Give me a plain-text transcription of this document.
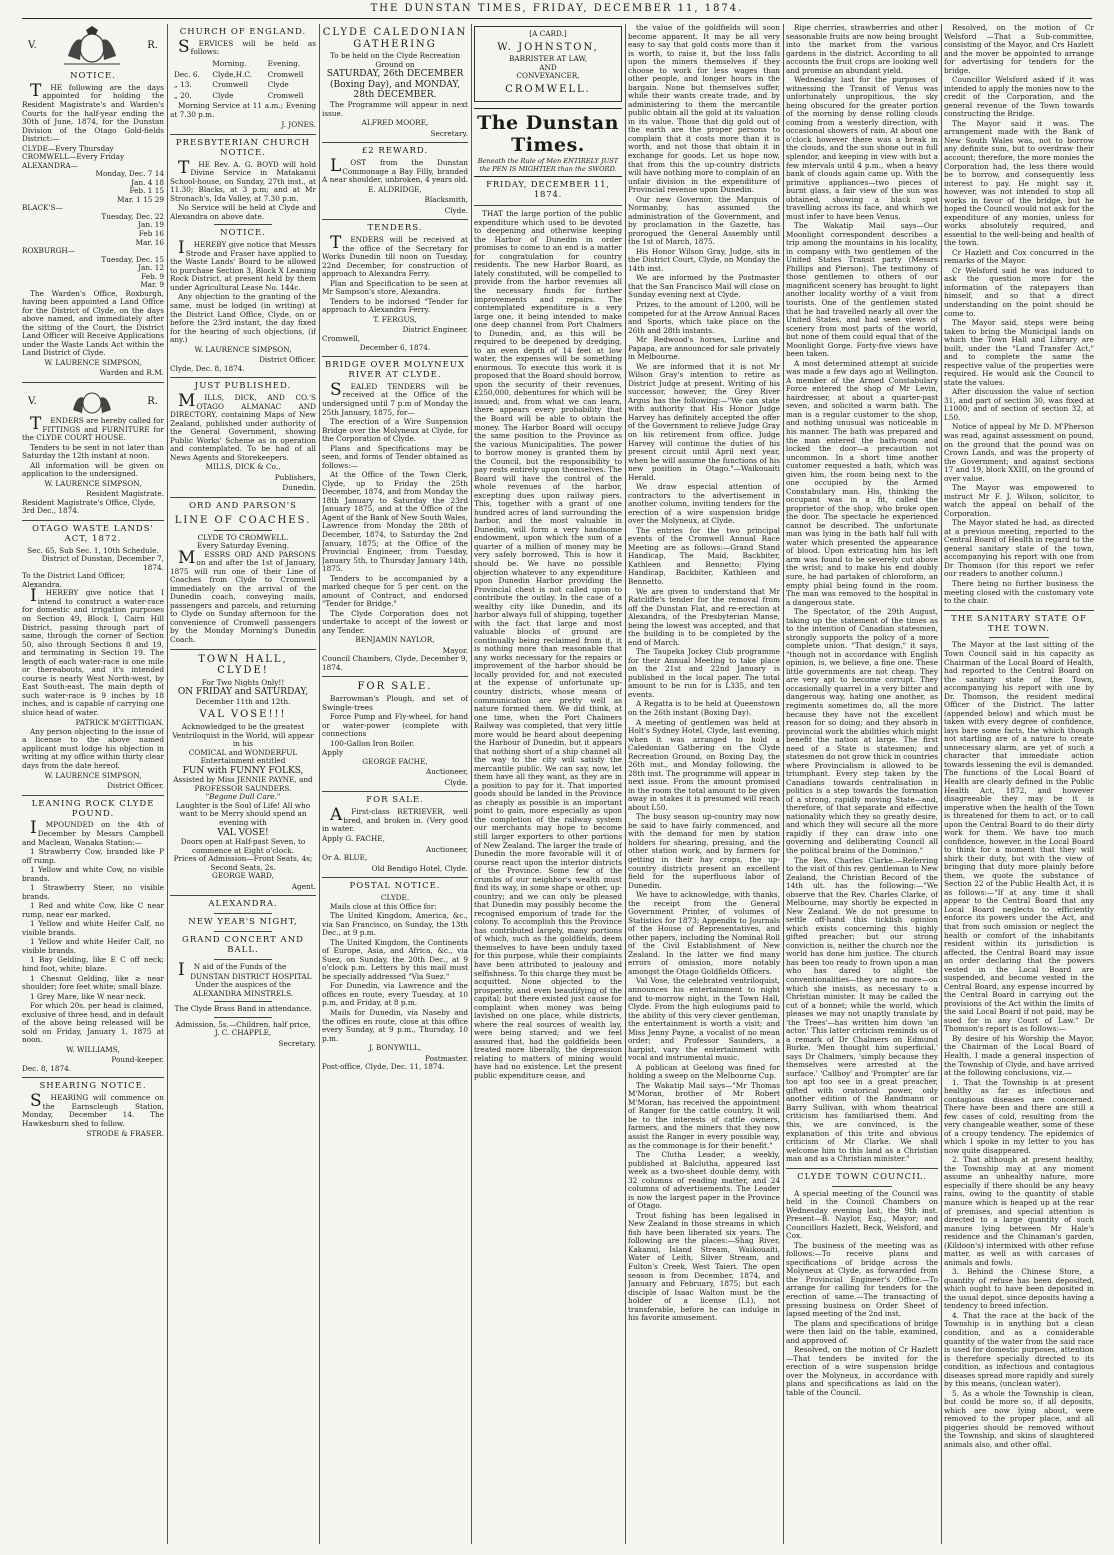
THE DUNSTAN TIMES, FRIDAY, DECEMBER 11, 1874.
V.	R.
NOTICE.

THE following are the days appointed for holding the Resident Magistrate's and Warden's Courts for the half-year ending the 30th of June, 1874, for the Dunstan Division of the Otago Gold-fields District:—

CLYDE—Every Thursday
CROMWELL—Every Friday
ALEXANDRA—
Monday, Dec. 7 14
Jan. 4 18
Feb. 1 15
Mar. 1 15 29
BLACK'S—
Tuesday, Dec. 22
Jan. 19
Feb 16
Mar. 16
ROXBURGH—
Tuesday, Dec. 15
Jan. 12
Feb. 9
Mar. 9

The Warden's Office, Roxburgh, having been appointed a Land Office for the District of Clyde, on the days above named, and immediately after the sitting of the Court, the District Land Officer will Receive Applications under the Waste Lands Act within the Land District of Clyde.

W. LAURENCE SIMPSON,
Warden and R.M.
V.	R.

TENDERS are hereby called for FITTINGS and FURNITURE for the CLYDE COURT HOUSE.

Tenders to be sent in not later than Saturday the 12th instant at noon.

All information will be given on application to the undersigned.

W. LAURENCE SIMPSON,
Resident Magistrate.
Resident Magistrate's Office, Clyde, 3rd Dec., 1874.
OTAGO WASTE LANDS' ACT, 1872.
Sec. 65, Sub Sec. 1, 10th Schedule.
District of Dunstan, December 7, 1874.
To the District Land Officer, Alexandra.

IHEREBY give notice that I intend to construct a water-race for domestic and irrigation purposes on Section 49, Block I, Cairn Hill District, passing through part of same, through the corner of Section 50, also through Sections 8 and 19, and terminating in Section 19. The length of each water-race is one mile or thereabouts, and it's intended course is nearly West North-west, by East South-east. The main depth of such water-race is 9 inches by 18 inches, and is capable of carrying one sluice head of water.

PATRICK M'GETTIGAN.

Any person objecting to the issue of a license to the above named applicant must lodge his objection in writing at my office within thirty clear days from the date hereof.

W. LAURENCE SIMPSON,
District Officer.
LEANING ROCK CLYDE POUND.

IMPOUNDED on the 4th of December by Messrs Campbell and Maclean, Wanaka Station:—

1 Strawberry Cow, branded like P off rump.

1 Yellow and white Cow, no visible brands.

1 Strawberry Steer, no visible brands.

1 Red and white Cow, like C near rump, near ear marked.

1 Yellow and white Heifer Calf, no visible brands.

1 Yellow and white Heifer Calf, no visible brands.

1 Bay Gelding, like E C off neck; hind foot, white; blaze.

1 Chesnut Gelding, like ≥ near shoulder; fore feet white; small blaze.

1 Grey Mare, like W near neck.

For which 20s. per head is claimed, exclusive of three head, and in default of the above being released will be sold on Friday, January 1, 1875 at noon.

W. WILLIAMS,
Pound-keeper.
Dec. 8, 1874.
SHEARING NOTICE.

SHEARING will commence on the Earnscleugh Station, Monday, December 14. The Hawkesburn shed to follow.

STRODE & FRASER.
CHURCH OF ENGLAND.

SERVICES will be held as follows:

	Morning.	Evening.
Dec. 6.	Clyde,H.C.	Cromwell
„ 13.	Cromwell	Clyde
„ 20.	Clyde	Cromwell

Morning Service at 11 a.m.; Evening at 7.30 p.m.

J. JONES.
PRESBYTERIAN CHURCH NOTICE.

THE Rev. A. G. BOYD will hold Divine Service in Matakanui School-house, on Sunday, 27th inst., at 11.30; Blacks, at 3 p.m; and at Mr Stronach's, Ida Valley, at 7.30 p.m.

No Service will be held at Clyde and Alexandra on above date.

NOTICE.

IHEREBY give notice that Messrs Strode and Fraser have applied to the Waste Lands' Board to be allowed to purchase Section 3, Block X Leaning Rock District, at present held by them under Agricultural Lease No. 144c.

Any objection to the granting of the same, must be lodged (in writing) at the District Land Office, Clyde, on or before the 23rd instant, the day fixed for the hearing of such objections, (if any.)

W. LAURENCE SIMPSON,
District Officer.
Clyde, Dec. 8, 1874.
JUST PUBLISHED.

MILLS, DICK, AND CO.'S OTAGO ALMANAC AND DIRECTORY, containing Maps of New Zealand, published under authority of the General Government, showing Public Works' Scheme as in operation and contemplated. To be had of all News Agents and Storekeepers.

MILLS, DICK & Co.,
Publishers,
Dunedin.
ORD AND PARSON'S
LINE OF COACHES.
CLYDE TO CROMWELL.
Every Saturday Evening.

MESSRS ORD AND PARSONS on and after the 1st of January, 1875 will run one of their Line of Coaches from Clyde to Cromwell immediately on the arrival of the Dunedin coach, conveying mails, passengers and parcels, and returning to Clyde on Sunday afternoon for the convenience of Cromwell passengers by the Monday Morning's Dunedin Coach.

TOWN HALL, CLYDE!
For Two Nights Only!!
ON FRIDAY and SATURDAY,
December 11th and 12th.
VAL VOSE!!!
Acknowledged to be the greatest Ventriloquist in the World, will appear in his
COMICAL and WONDERFUL Entertainment entitled
FUN with FUNNY FOLKS,
Assisted by Miss JENNIE PAYNE, and PROFESSOR SAUNDERS.
"Begone Dull Care."
Laughter is the Soul of Life! All who want to be Merry should spend an evening with
VAL VOSE!
Doors open at Half-past Seven, to commence at Eight o'clock.
Prices of Admission—Front Seats, 4s; Second Seats, 2s.
GEORGE WARD,
Agent.
ALEXANDRA.
NEW YEAR'S NIGHT,
GRAND CONCERT AND BALL.

IN aid of the Funds of the

DUNSTAN DISTRICT HOSPITAL
Under the auspices of the
ALEXANDRA MINSTRELS.
The Clyde Brass Band in attendance.
Admission, 5s.—Children, half price,
J. C. CHAPPLE,
Secretary.
CLYDE CALEDONIAN GATHERING
To be held on the Clyde Recreation Ground on
SATURDAY, 26th DECEMBER (Boxing Day), and MONDAY, 28th DECEMBER.

The Programme will appear in next issue.

ALFRED MOORE,
Secretary.
£2 REWARD.

LOST from the Dunstan Commonage a Bay Filly, branded A near shoulder, unbroken, 4 years old.

E. ALDRIDGE,
Blacksmith,
Clyde.
TENDERS.

TENDERS will be received at the office of the Secretary for Works Dunedin till noon on Tuesday, 22nd December, for construction of approach to Alexandra Ferry.

Plan and Specification to be seen at Mr Sampson's store, Alexandra.

Tenders to be indorsed "Tender for approach to Alexandra Ferry.

T. FERGUS,
District Engineer.
Cromwell,
December 6, 1874.
BRIDGE OVER MOLYNEUX RIVER AT CLYDE.

SEALED TENDERS will be received at the Office of the undersigned until 7 p.m of Monday the 25th January, 1875, for—

The erection of a Wire Suspension Bridge over the Molyneux at Clyde, for the Corporation of Clyde.

Plans and Specifications may be seen, and forms of Tender obtained as follows:—

At the Office of the Town Clerk, Clyde, up to Friday the 25th December, 1874, and from Monday the 18th January to Saturday the 23rd January 1875, and at the Office of the Agent of the Bank of New South Wales, Lawrence from Monday the 28th of December, 1874, to Saturday the 2nd January, 1875; at the Office of the Provincial Engineer, from Tuesday, January 5th, to Thursday January 14th, 1875.

Tenders to be accompanied by a marked cheque for 5 per cent. on the amount of Contract, and endorsed "Tender for Bridge."

The Clyde Corporation does not undertake to accept of the lowest or any Tender.

BENJAMIN NAYLOR,
Mayor.
Council Chambers, Clyde, December 9, 1874.
FOR SALE.

Barrowman's Plough, and set of Swingle-trees

Force Pump and Fly-wheel, for hand or water-power (complete with connections

100-Gallon Iron Boiler.

Apply
GEORGE FACHE,
Auctioneer,
Clyde.
FOR SALE.

AFirst-class RETRIEVER, well bred, and broken in. (Very good in water.

Apply G. FACHE,
Auctioneer,
Or A. BLUE,
Old Bendigo Hotel, Clyde.
POSTAL NOTICE.
CLYDE.

Mails close at this Office for:

The United Kingdom, America, &c., via San Francisco, on Sunday, the 13th Dec., at 9 p.m.

The United Kingdom, the Continents of Europe, Asia, and Africa, &c., via Suez, on Sunday, the 20th Dec., at 9 o'clock p.m. Letters by this mail must be specially addressed "Via Suez."

For Dunedin, via Lawrence and the offices en route, every Tuesday, at 10 p.m, and Friday, at 8 p.m.

Mails for Dunedin, via Naseby and the offices en route, close at this office every Sunday, at 9 p.m., Thursday, 10 p.m.

J. BONYWILL,
Postmaster.
Post-office, Clyde, Dec. 11, 1874.
[A CARD.]
W. JOHNSTON,
BARRISTER AT LAW,
AND
CONVEYANCER,
CROMWELL.
The Dunstan Times.
Beneath the Rule of Men ENTIRELY JUST the PEN IS MIGHTIER than the SWORD.
FRIDAY, DECEMBER 11, 1874.

THAT the large portion of the public expenditure which used to be devoted to deepening and otherwise keeping the Harbor of Dunedin in order promises to come to an end is a matter for congratulation for country residents. The new Harbor Board, as lately constituted, will be compelled to provide from the harbor revenues all the necessary funds for further improvements and repairs. The contemplated expenditure is a very large one, it being intended to make one deep channel from Port Chalmers to Dunedin, and, as this will be required to be deepened by dredging, to an even depth of 14 feet at low water, the expenses will be something enormous. To execute this work it is proposed that the Board should borrow, upon the security of their revenues, £250,000, debentures for which will be issued; and, from what we can learn, there appears every probability that the Board will be able to obtain the money. The Harbor Board will occupy the same position to the Province as the various Municipalities. The power to borrow money is granted them by the Council, but the responsibility to pay rests entirely upon themselves. The Board will have the control of the whole revenues of the harbor, excepting dues upon railway piers. This, together with a grant of one hundred acres of land surrounding the harbor, and the most valuable in Dunedin, will form a very handsome endowment, upon which the sum of a quarter of a million of money may be very safely borrowed. This is how it should be. We have no possible objection whatever to any expenditure upon Dunedin Harbor providing the Provincial chest is not called upon to contribute the outlay. In the case of a wealthy city like Dunedin, and its harbor always full of shipping, together with the fact that large and most valuable blocks of ground are continually being reclaimed from it, it is nothing more than reasonable that any works necessary for the repairs or improvement of the harbor should be locally provided for, and not executed at the expense of unfortunate up-country districts, whose means of communication are pretty well as nature formed them. We did think, at one time, when the Port Chalmers Railway was completed, that very little more would be heard about deepening the Harbour of Dunedin, but it appears that nothing short of a ship channel all the way to the city will satisfy the mercantile public. We can say, now, let them have all they want, as they are in a position to pay for it. That imported goods should be landed in the Province as cheaply as possible is an important point to gain, more especially as upon the completion of the railway system our merchants may hope to become still larger exporters to other portions of New Zealand. The larger the trade of Dunedin the more favorable will it of course react upon the interior districts of the Province. Some few of the crumbs of our neighbor's wealth must find its way, in some shape or other, up-country; and we can only be pleased that Dunedin may possibly become the recognised emporium of trade for the colony. To accomplish this the Province has contributed largely, many portions of which, such as the goldfields, deem themselves to have been unduly taxed for this purpose, while their complaints have been attributed to jealousy and selfishness. To this charge they must be acquitted. None objected to the prosperity, and even beautifying of the capital; but there existed just cause for complaint when money was being lavished on one place, while districts, where the real sources of wealth lay, were being starved; and we feel assured that, had the goldfields been treated more liberally, the depression relating to matters of mining would have had no existence. Let the present public expenditure cease, and

the value of the goldfields will soon become apparent. It may be all very easy to say that gold costs more than it is worth, to raise it, but the loss falls upon the miners themselves if they choose to work for less wages than other people, and longer hours in the bargain. None but themselves suffer, while their wants create trade, and by administering to them the mercantile public obtain all the gold at its valuation in its value. Those that dig gold out of the earth are the proper persons to complain that it costs more than it is worth, and not those that obtain it in exchange for goods. Let us hope now, that from this the up-country districts will have nothing more to complain of an unfair division in the expenditure of Provincial revenue upon Dunedin.

Our new Governor, the Marquis of Normanby, has assumed the administration of the Government, and by proclamation in the Gazette, has prorogued the General Assembly until the 1st of March, 1875.

His Honor Wilson Gray, Judge, sits in the District Court, Clyde, on Monday the 14th inst.

We are informed by the Postmaster that the San Francisco Mail will close on Sunday evening next at Clyde.

Prizes, to the amount of L200, will be competed for at the Arrow Annual Races and Sports, which take place on the 26th and 28th instants.

Mr Redwood's horses, Lurline and Papapa, are announced for sale privately in Melbourne.

We are informed that it is not Mr Wilson Gray's intention to retire as District Judge at present. Writing of his successor, however, the Grey River Argus has the following:—"We can state with authority that His Honor Judge Harvey has definitely accepted the offer of the Government to relieve Judge Gray on his retirement from office. Judge Harvey will continue the duties of his present circuit until April next year, when he will assume the functions of his new position in Otago."—Waikouaiti Herald.

We draw especial attention of contractors to the advertisement in another column, inviting tenders for the erection of a wire suspension bridge over the Molyneux, at Clyde.

The entries for the two principal events of the Cromwell Annual Race Meeting are as follows:—Grand Stand Handicap, The Maid, Backbiter, Kathleen and Bennetto; Flying Handicap, Backbiter, Kathleen and Bennetto.

We are given to understand that Mr Ratcliffe's tender for the removal from off the Dunstan Flat, and re-erection at Alexandra, of the Presbyterian Manse, being the lowest was accepted, and that the building is to be completed by the end of March.

The Taupeka Jockey Club programme for their Annual Meeting to take place on the 21st and 22nd January is published in the local paper. The total amount to be run for is L335, and ten events.

A Regatta is to be held at Queenstown on the 26th instant (Boxing Day).

A meeting of gentlemen was held at Holt's Sydney Hotel, Clyde, last evening, when it was arranged to hold a Caledonian Gathering on the Clyde Recreation Ground, on Boxing Day, the 26th inst., and Monday following, the 28th inst. The programme will appear in next issue. From the amount promised in the room the total amount to be given away in stakes it is presumed will reach about L50.

The busy season up-country may now be said to have fairly commenced, and with the demand for men by station holders for shearing, pressing, and the other station work, and by farmers for getting in their hay crops, the up-country districts present an excellent field for the superfluous labor of Dunedin.

We have to acknowledge, with thanks, the receipt from the General Government Printer, of volumes of Statistics for 1873; Appendix to Journals of the House of Representatives, and other papers, including the Nominal Roll of the Civil Establishment of New Zealand. In the latter we find many errors of omission, more notably amongst the Otago Goldfields Officers.

Val Vose, the celebrated ventriloquist, announces his entertainment to night and to-morrow night, in the Town Hall, Clyde. From the high eulogiums paid to the ability of this very clever gentleman, the entertainment is worth a visit; and Miss Jenny Payne, a vocalist of no mean order; and Professor Saunders, a harpist, vary the entertainment with vocal and instrumental music.

A publican at Geelong was fined for holding a sweep on the Melbourne Cup.

The Wakatip Mail says—"Mr Thomas M'Moran, brother of Mr Robert M'Moran, has received the appointment of Ranger for the cattle country. It will be to the interests of cattle owners, farmers, and the miners that they now assist the Ranger in every possible way, as the commonage is for their benefit."

The Clutha Leader, a weekly, published at Balclutha, appeared last week as a two-sheet double demy, with 32 columns of reading matter, and 24 columns of advertisements. The Leader is now the largest paper in the Province of Otago.

Trout fishing has been legalised in New Zealand in those streams in which fish have been liberated six years. The following are the places:—Shag River, Kakanui, Island Stream, Waikouaiti, Water of Leith, Silver Stream, and Fulton's Creek, West Taieri. The open season is from December, 1874, and January and February, 1875; but each disciple of Isaac Walton must be the holder of a license (L1), not transferable, before he can indulge in his favorite amusement.

Ripe cherries, strawberries and other seasonable fruits are now being brought into the market from the various gardens in the district. According to all accounts the fruit crops are looking well and promise an abundant yield.

Wednesday last for the purposes of witnessing the Transit of Venus was unfortunately unpropitious, the sky being obscured for the greater portion of the morning by dense rolling clouds coming from a westerly direction, with occasional showers of rain. At about one o'clock however there was a break in the clouds, and the sun shone out in full splendor, and keeping in view with but a few intervals until 4 p.m., when a heavy bank of clouds again came up. With the primitive appliances—two pieces of burnt glass, a fair view of the sun was obtained, showing a black spot travelling across its face, and which we must infer to have been Venus.

The Wakatip Mail says—Our Moonlight correspondent describes a trip among the mountains in his locality, in company with two gentlemen of the United States Transit party (Messrs Phillips and Pierson). The testimony of those gentlemen to others of our magnificent scenery has brought to light another locality worthy of a visit from tourists. One of the gentlemen stated that he had travelled nearly all over the United States, and had seen views of scenery from most parts of the world, but none of them could equal that of the Moonlight Gorge. Forty-five views have been taken.

A most determined attempt at suicide was made a few days ago at Wellington. A member of the Armed Constabulary Force entered the shop of Mr Levin, hairdresser, at about a quarter-past seven, and solicited a warm bath. The man is a regular customer to the shop, and nothing unusual was noticeable in his manner. The bath was prepared and the man entered the bath-room and locked the door—a precaution not uncommon. In a short time another customer requested a bath, which was given him, the room being next to the one occupied by the Armed Constabulary man. His, thinking the occupant was in a fit, called the proprietor of the shop, who broke open the door. The spectacle he experienced cannot be described. The unfortunate man was lying in the bath half full with water which presented the appearance of blood. Upon extricating him his left arm was found to be severely cut above the wrist; and to make his end doubly sure, he had partaken of chloroform, an empty phial being found in the room. The man was removed to the hospital in a dangerous state.

The Spectator, of the 29th August, taking up the statement of the times as to the intention of Canadian statesmen, strongly supports the policy of a more complete union. "That design," it says, "though not in accordance with English opinion, is, we believe, a fine one. These little governments are not cheap. They are very apt to become corrupt. They occasionally quarrel in a very bitter and dangerous way, hating one another, as regiments sometimes do, all the more because they have not the excellent reason for so doing; and they absorb in provincial work the abilities which might benefit the nation at large. The first need of a State is statesmen; and statesmen do not grow thick in countries where Provincialism is allowed to be triumphant. Every step taken by the Canadians towards centralisation in politics is a step towards the formation of a strong, rapidly moving State—and, therefore, of that separate and effective nationality which they so greatly desire, and which they will secure all the more rapidly if they can draw into one governing and deliberating Council all the political brains of the Dominion."

The Rev. Charles Clarke.—Referring to the visit of this rev. gentleman to New Zealand, the Christian Record of the 14th ult. has the following:—"We observe that the Rev. Charles Clarke, of Melbourne, may shortly be expected in New Zealand. We do not presume to settle off-hand this ticklish opinion which exists concerning this highly gifted preacher; but our strong conviction is, neither the church nor the world has done him justice. The church has been too ready to frown upon a man who has dared to slight the conventionalities—they are no more—on which she insists, as necessary to a Christian minister. It may be called the cut of a bonnet; while the world, which pleases we may not unaptly translate by 'the Trees'—has written him down 'an actor.' This latter criticism reminds us of a remark of Dr Chalmers on Edmund Burke. 'Men thought him superficial,' says Dr Chalmers, 'simply because they themselves were arrested at the surface.' 'Callboy' and 'Prompter' are far too apt too see in a great preacher, gifted with oratorical power, only another edition of the Bandmann or Barry Sullivan, with whom theatrical criticism has familiarised them. And this, we are convinced, is the explanation of this trite and obvious criticism of Mr Clarke. We shall welcome him to this land as a Christian man and as a Christian minister."

CLYDE TOWN COUNCIL.

A special meeting of the Council was held in the Council Chambers on Wednesday evening last, the 9th inst. Present—B. Naylor, Esq., Mayor; and Councillors Hazlett, Beck, Welsford, and Cox.

The business of the meeting was as follows:—To receive plans and specifications of bridge across the Molyneux at Clyde, as forwarded from the Provincial Engineer's Office.—To arrange for calling for tenders for the erection of same.—The transacting of pressing business on Order Sheet of lapsed meeting of the 2nd inst.

The plans and specifications of bridge were then laid on the table, examined, and approved of.

Resolved, on the motion of Cr Hazlett—That tenders be invited for the erection of a wire suspension bridge over the Molyneux, in accordance with plans and specifications as laid on the table of the Council.

Resolved, on the motion of Cr Welsford —That a Sub-committee, consisting of the Mayor, and Crs Hazlett and the mover be appointed to arrange for advertising for tenders for the bridge.

Councillor Welsford asked if it was intended to apply the monies now to the credit of the Corporation, and the general revenue of the Town towards constructing the Bridge.

The Mayor said it was. The arrangement made with the Bank of New South Wales was, not to borrow any definite sum, but to overdraw their account; therefore, the more monies the Corporation had, the less there would be to borrow, and consequently less interest to pay. He might say it, however, was not intended to stop all works in favor of the bridge, but he hoped the Council would not ask for the expenditure of any monies, unless for works absolutely required, and essential to the well-being and health of the town.

Cr Hazlett and Cox concurred in the remarks of the Mayor.

Cr Welsford said he was induced to ask the question more for the information of the ratepayers than himself, and so that a direct understanding on the point should be come to.

The Mayor said, steps were being taken to bring the Municipal lands on which the Town Hall and Library are built, under the "Land Transfer Act," and to complete the same the respective value of the properties were required. He would ask the Council to state the values.

After discussion the value of section 31, and part of section 30, was fixed at L1000; and of section of section 32, at L50.

Notice of appeal by Mr D. M'Pherson was read, against assessment on pound, on the ground that the pound was on Crown Lands, and was the property of the Government; and against sections 17 and 19, block XXIII, on the ground of over value.

The Mayor was empowered to instruct Mr F. J. Wilson, solicitor, to watch the appeal on behalf of the Corporation.

The Mayor stated he had, as directed at a previous meeting, reported to the Central Board of Health in regard to the general sanitary state of the town, accompanying his report with one from Dr Thomson (for this report we refer our readers to another column.)

There being no further business the meeting closed with the customary vote to the chair.

THE SANITARY STATE OF THE TOWN.

The Mayor at the last sitting of the Town Council said in his capacity as Chairman of the Local Board of Health, had reported to the Central Board on the sanitary state of the Town, accompanying his report with one by Dr. Thomson, the resident medical Officer of the District. The latter (appended below) and which must be taken with every degree of confidence, lays bare some facts, the which though not startling are of a nature to create unnecessary alarm, are yet of such a character that immediate action towards lessening the evil is demanded. The functions of the Local Board of Health are clearly defined in the Public Health Act, 1872, and however disagreeable they may be it is imperative when the health of the Town is threatened for them to act, or to call upon the Central Board to do their dirty work for them. We have too much confidence, however, in the Local Board to think for a moment that they will shirk their duty, but with the view of bringing that duty more plainly before them, we quote the substance of Section 22 of the Public Health Act, it is as follows:—"If at any time it shall appear to the Central Board that any Local Board neglects to efficiently enforce its powers under the Act, and that from such omission or neglect the health or comfort of the inhabitants resident within its jurisdiction is affected, the Central Board may issue an order declaring that the powers vested in the Local Board are suspended, and become vested in the Central Board, any expense incurred by the Central Board in carrying out the provisions of the Act within the limits of the said Local Board if not paid, may be sued for in any Court of Law." Dr Thomson's report is as follows:—

By desire of his Worship the Mayor, the Chairman of the Local Board of Health, I made a general inspection of the Township of Clyde, and have arrived at the following conclusions, viz.—

1. That the Township is at present healthy as far as infectious and contagious diseases are concerned. There have been and there are still a few cases of cold, resulting from the very changeable weather, some of these of a croupy tendency. The epidemics of which I spoke in my letter to you has now quite disappeared.

2. That although at present healthy, the Township may at any moment assume an unhealthy nature, more especially if there should be any heavy rains, owing to the quantity of stable manure which is heaped up at the rear of premises, and special attention is directed to a large quantity of such manure lying between Mr Hale's residence and the Chinaman's garden, (Kildoon's) intermixed with other refuse matter, as well as with carcases of animals and fowls.

3. Behind the Chinese Store, a quantity of refuse has been deposited, which ought to have been deposited in the usual depot, since deposits having a tendency to breed infection.

4. That the race at the back of the Township is in anything but a clean condition, and as a considerable quantity of the water from the said race is used for domestic purposes, attention is therefore specially directed to its condition, as infectious and contagious diseases spread more rapidly and surely by this means, (unclean water).

5. As a whole the Township is clean, but could be more so, if all deposits, which are now lying about, were removed to the proper place, and all piggeries should be removed without the Township, and skins of slaughtered animals also, and other offal.
